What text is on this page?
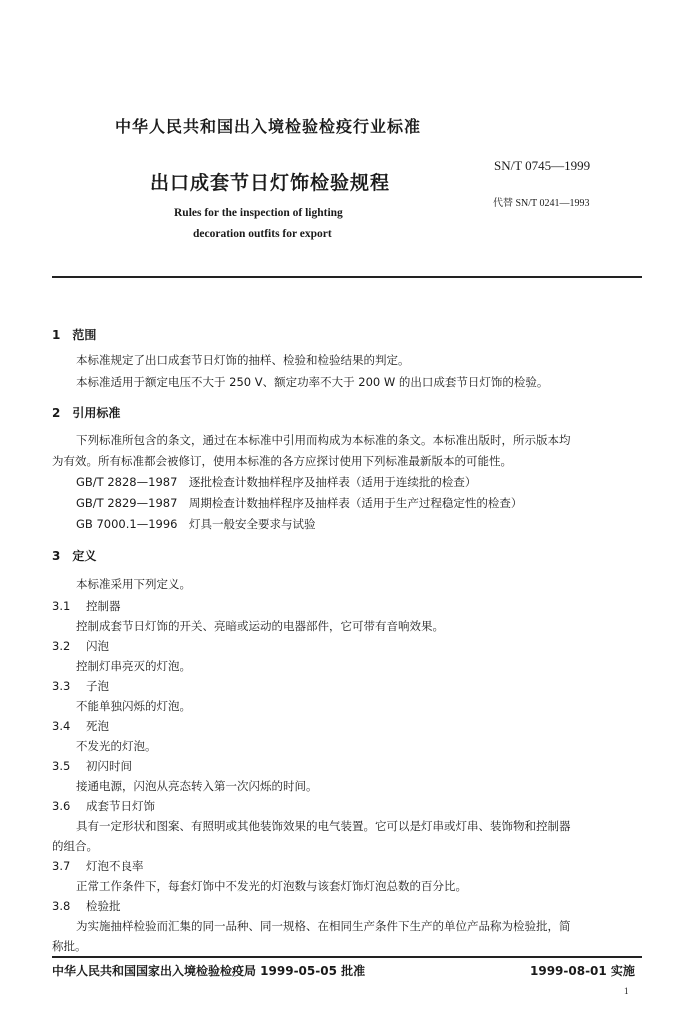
中华人民共和国出入境检验检疫行业标准
SN/T 0745—1999
出口成套节日灯饰检验规程
代替 SN/T 0241—1993
Rules for the inspection of lighting
decoration outfits for export
1　范围
本标准规定了出口成套节日灯饰的抽样、检验和检验结果的判定。
本标准适用于额定电压不大于 250 V、额定功率不大于 200 W 的出口成套节日灯饰的检验。
2　引用标准
下列标准所包含的条文，通过在本标准中引用而构成为本标准的条文。本标准出版时，所示版本均
为有效。所有标准都会被修订，使用本标准的各方应探讨使用下列标准最新版本的可能性。
GB/T 2828—1987　逐批检查计数抽样程序及抽样表（适用于连续批的检查）
GB/T 2829—1987　周期检查计数抽样程序及抽样表（适用于生产过程稳定性的检查）
GB 7000.1—1996　灯具一般安全要求与试验
3　定义
本标准采用下列定义。
3.1 控制器
控制成套节日灯饰的开关、亮暗或运动的电器部件，它可带有音响效果。
3.2 闪泡
控制灯串亮灭的灯泡。
3.3 子泡
不能单独闪烁的灯泡。
3.4 死泡
不发光的灯泡。
3.5 初闪时间
接通电源，闪泡从亮态转入第一次闪烁的时间。
3.6 成套节日灯饰
具有一定形状和图案、有照明或其他装饰效果的电气装置。它可以是灯串或灯串、装饰物和控制器
的组合。
3.7 灯泡不良率
正常工作条件下，每套灯饰中不发光的灯泡数与该套灯饰灯泡总数的百分比。
3.8 检验批
为实施抽样检验而汇集的同一品种、同一规格、在相同生产条件下生产的单位产品称为检验批，简
称批。
中华人民共和国国家出入境检验检疫局 1999-05-05 批准	1999-08-01 实施
1
